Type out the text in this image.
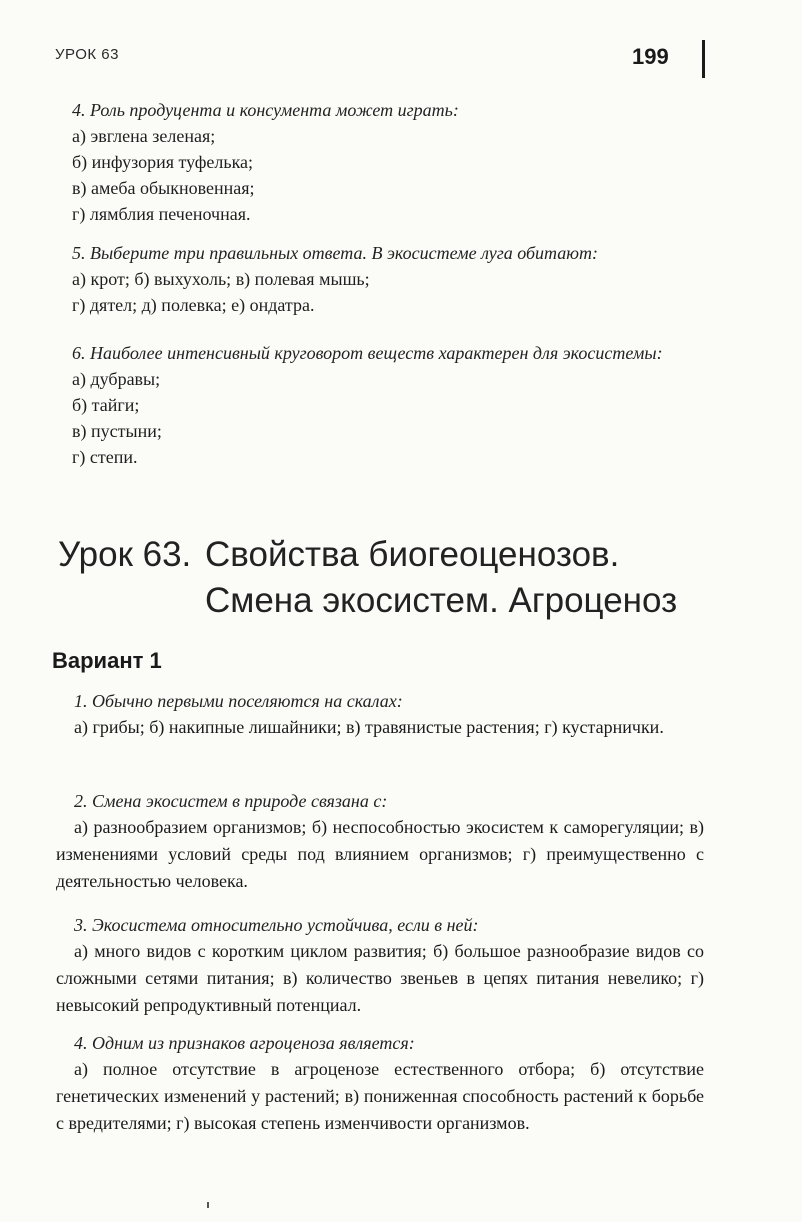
УРОК 63	199

4. Роль продуцента и консумента может играть:

а) эвглена зеленая;

б) инфузория туфелька;

в) амеба обыкновенная;

г) лямблия печеночная.

5. Выберите три правильных ответа. В экосистеме луга обитают:

а) крот; б) выхухоль; в) полевая мышь;

г) дятел; д) полевка; е) ондатра.

6. Наиболее интенсивный круговорот веществ характерен для экосистемы:

а) дубравы;

б) тайги;

в) пустыни;

г) степи.

Урок 63. Свойства биогеоценозов.
Смена экосистем. Агроценоз
Вариант 1

1. Обычно первыми поселяются на скалах:

а) грибы; б) накипные лишайники; в) травянистые растения; г) кустарнички.

2. Смена экосистем в природе связана с:

а) разнообразием организмов; б) неспособностью экосистем к саморегуляции; в) изменениями условий среды под влиянием организмов; г) преимущественно с деятельностью человека.

3. Экосистема относительно устойчива, если в ней:

а) много видов с коротким циклом развития; б) большое разнообразие видов со сложными сетями питания; в) количество звеньев в цепях питания невелико; г) невысокий репродуктивный потенциал.

4. Одним из признаков агроценоза является:

а) полное отсутствие в агроценозе естественного отбора; б) отсутствие генетических изменений у растений; в) пониженная способность растений к борьбе с вредителями; г) высокая степень изменчивости организмов.
